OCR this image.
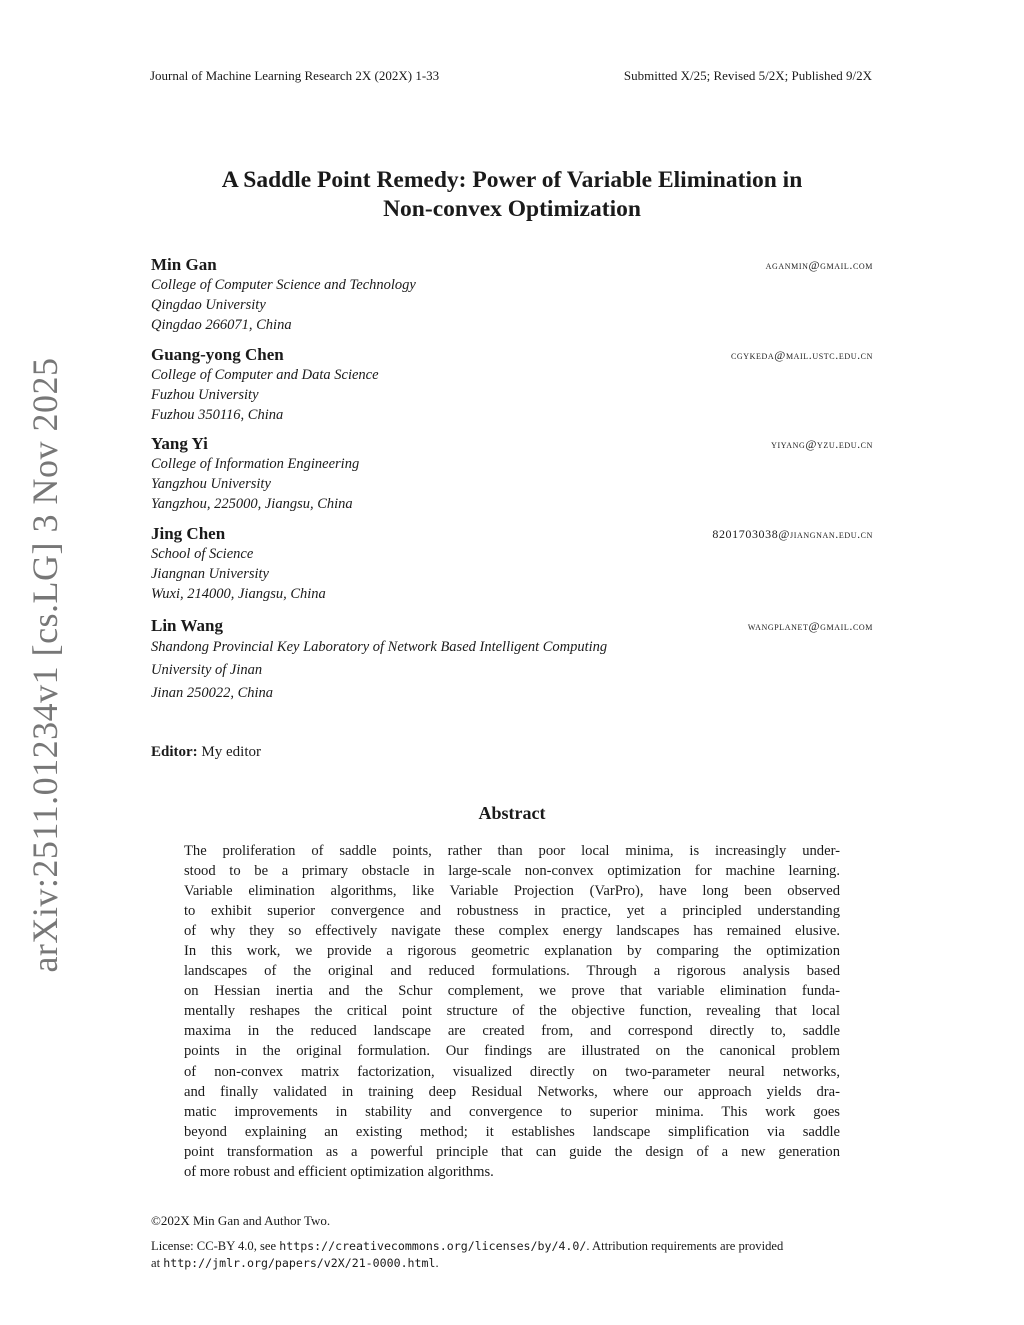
Journal of Machine Learning Research 2X (202X) 1-33	Submitted X/25; Revised 5/2X; Published 9/2X
arXiv:2511.01234v1 [cs.LG] 3 Nov 2025
A Saddle Point Remedy: Power of Variable Elimination in
Non-convex Optimization
Min Gan	aganmin@gmail.com
College of Computer Science and Technology
Qingdao University
Qingdao 266071, China
Guang-yong Chen	cgykeda@mail.ustc.edu.cn
College of Computer and Data Science
Fuzhou University
Fuzhou 350116, China
Yang Yi	yiyang@yzu.edu.cn
College of Information Engineering
Yangzhou University
Yangzhou, 225000, Jiangsu, China
Jing Chen	8201703038@jiangnan.edu.cn
School of Science
Jiangnan University
Wuxi, 214000, Jiangsu, China
Lin Wang	wangplanet@gmail.com
Shandong Provincial Key Laboratory of Network Based Intelligent Computing
University of Jinan
Jinan 250022, China
Editor: My editor
Abstract
The proliferation of saddle points, rather than poor local minima, is increasingly under-
stood to be a primary obstacle in large-scale non-convex optimization for machine learning.
Variable elimination algorithms, like Variable Projection (VarPro), have long been observed
to exhibit superior convergence and robustness in practice, yet a principled understanding
of why they so effectively navigate these complex energy landscapes has remained elusive.
In this work, we provide a rigorous geometric explanation by comparing the optimization
landscapes of the original and reduced formulations. Through a rigorous analysis based
on Hessian inertia and the Schur complement, we prove that variable elimination funda-
mentally reshapes the critical point structure of the objective function, revealing that local
maxima in the reduced landscape are created from, and correspond directly to, saddle
points in the original formulation. Our findings are illustrated on the canonical problem
of non-convex matrix factorization, visualized directly on two-parameter neural networks,
and finally validated in training deep Residual Networks, where our approach yields dra-
matic improvements in stability and convergence to superior minima. This work goes
beyond explaining an existing method; it establishes landscape simplification via saddle
point transformation as a powerful principle that can guide the design of a new generation
of more robust and efficient optimization algorithms.
©202X Min Gan and Author Two.
License: CC-BY 4.0, see https://creativecommons.org/licenses/by/4.0/. Attribution requirements are provided
at http://jmlr.org/papers/v2X/21-0000.html.
